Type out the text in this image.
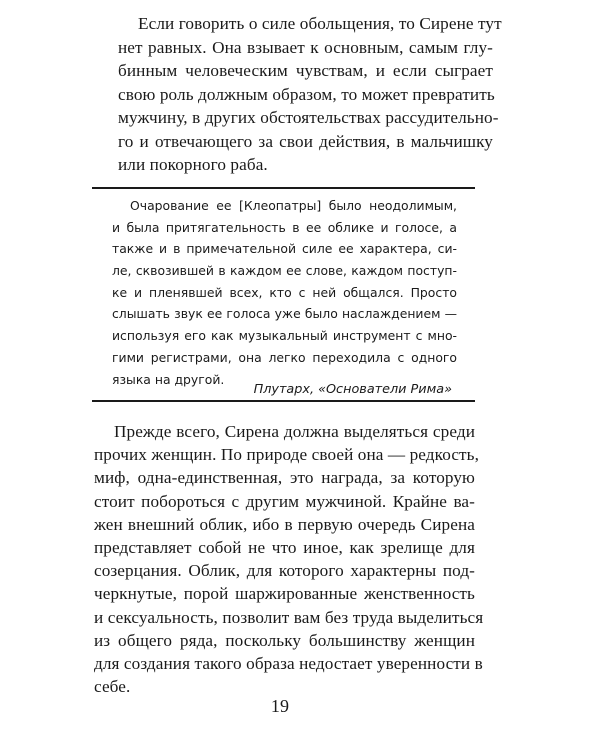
Если говорить о силе обольщения, то Сирене тут
нет равных. Она взывает к основным, самым глу-
бинным человеческим чувствам, и если сыграет
свою роль должным образом, то может превратить
мужчину, в других обстоятельствах рассудительно-
го и отвечающего за свои действия, в мальчишку
или покорного раба.
Очарование ее [Клеопатры] было неодолимым,
и была притягательность в ее облике и голосе, а
также и в примечательной силе ее характера, си-
ле, сквозившей в каждом ее слове, каждом поступ-
ке и пленявшей всех, кто с ней общался. Просто
слышать звук ее голоса уже было наслаждением —
используя его как музыкальный инструмент с мно-
гими регистрами, она легко переходила с одного
языка на другой.
Плутарх, «Основатели Рима»
Прежде всего, Сирена должна выделяться среди
прочих женщин. По природе своей она — редкость,
миф, одна-единственная, это награда, за которую
стоит побороться с другим мужчиной. Крайне ва-
жен внешний облик, ибо в первую очередь Сирена
представляет собой не что иное, как зрелище для
созерцания. Облик, для которого характерны под-
черкнутые, порой шаржированные женственность
и сексуальность, позволит вам без труда выделиться
из общего ряда, поскольку большинству женщин
для создания такого образа недостает уверенности в
себе.
19
